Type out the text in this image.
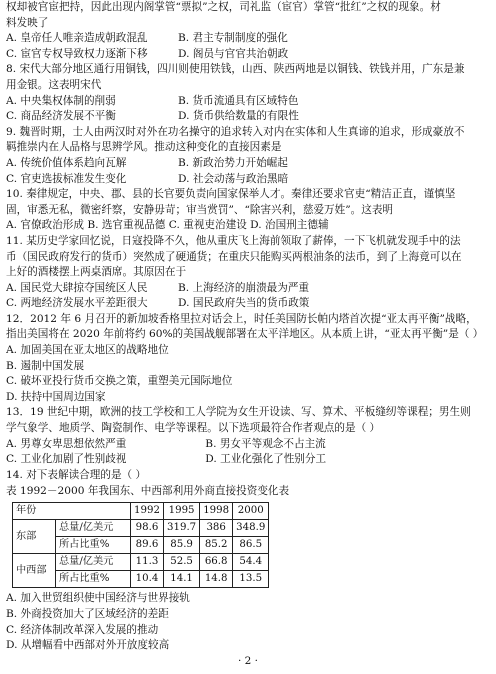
权却被官宦把持，因此出现内阁掌管“票拟”之权，司礼监（宦官）掌管“批红”之权的现象。材
料发映了
A. 皇帝任人唯亲造成朝政混乱	B. 君主专制制度的强化
C. 宦官专权导致权力逐渐下移	D. 阁员与官官共治朝政
8. 宋代大部分地区通行用铜钱，四川则使用铁钱，山西、陕西两地是以铜钱、铁钱并用，广东是兼
用金银。这表明宋代
A. 中央集权体制的削弱	B. 货币流通具有区域特色
C. 商品经济发展不平衡	D. 货币供给数量的有限性
9. 魏晋时期，士人由两汉时对外在功名操守的追求转入对内在实体和人生真谛的追求，形成豪放不
羁推崇内在人品格与思辨学风。推动这种变化的直接因素是
A. 传统价值体系趋向瓦解	B. 新政治势力开始崛起
C. 官吏选拔标准发生变化	D. 社会动荡与政治黑暗
10. 秦律规定，中央、郡、县的长官要负责向国家保举人才。秦律还要求官吏“精洁正直，谨慎坚
固，审悉无私，微密纤察，安静毋苛；审当赏罚”、“除害兴利，慈爱万姓”。这表明
A. 官僚政治形成 B. 选官重视品德 C. 重视吏治建设 D. 治国刑主德辅
11. 某历史学家回忆说，日寇投降不久，他从重庆飞上海前领取了薪俸，一下飞机就发现手中的法
币（国民政府发行的货币）突然成了硬通货；在重庆只能购买两根油条的法币，到了上海竟可以在
上好的酒楼摆上两桌酒席。其原因在于
A. 国民党大肆掠夺国统区人民	B. 上海经济的崩溃最为严重
C. 两地经济发展水平差距很大	D. 国民政府失当的货币政策
12．2012 年 6 月召开的新加坡香格里拉对话会上，时任美国防长帕内塔首次提“亚太再平衡”战略，
指出美国将在 2020 年前将约 60%的美国战舰部署在太平洋地区。从本质上讲，“亚太再平衡”是（ ）
A. 加固美国在亚太地区的战略地位
B. 遏制中国发展
C. 破坏亚投行货币交换之策，重塑美元国际地位
D. 扶持中国周边国家
13．19 世纪中期，欧洲的技工学校和工人学院为女生开设读、写、算术、平板缝纫等课程；男生则
学气象学、地质学、陶瓷制作、电学等课程。以下选项最符合作者观点的是（ ）
A. 男尊女卑思想依然严重	B. 男女平等观念不占主流
C. 工业化加剧了性别歧视	D. 工业化强化了性别分工
14. 对下表解读合理的是（ ）
表 1992－2000 年我国东、中西部利用外商直接投资变化表
年份		1992	1995	1998	2000
东部	总量/亿美元	98.6	319.7	386	348.9
	所占比重%	89.6	85.9	85.2	86.5
中西部	总量/亿美元	11.3	52.5	66.8	54.4
	所占比重%	10.4	14.1	14.8	13.5
A. 加入世贸组织使中国经济与世界接轨
B. 外商投资加大了区域经济的差距
C. 经济体制改革深入发展的推动
D. 从增幅看中西部对外开放度较高
· 2 ·
